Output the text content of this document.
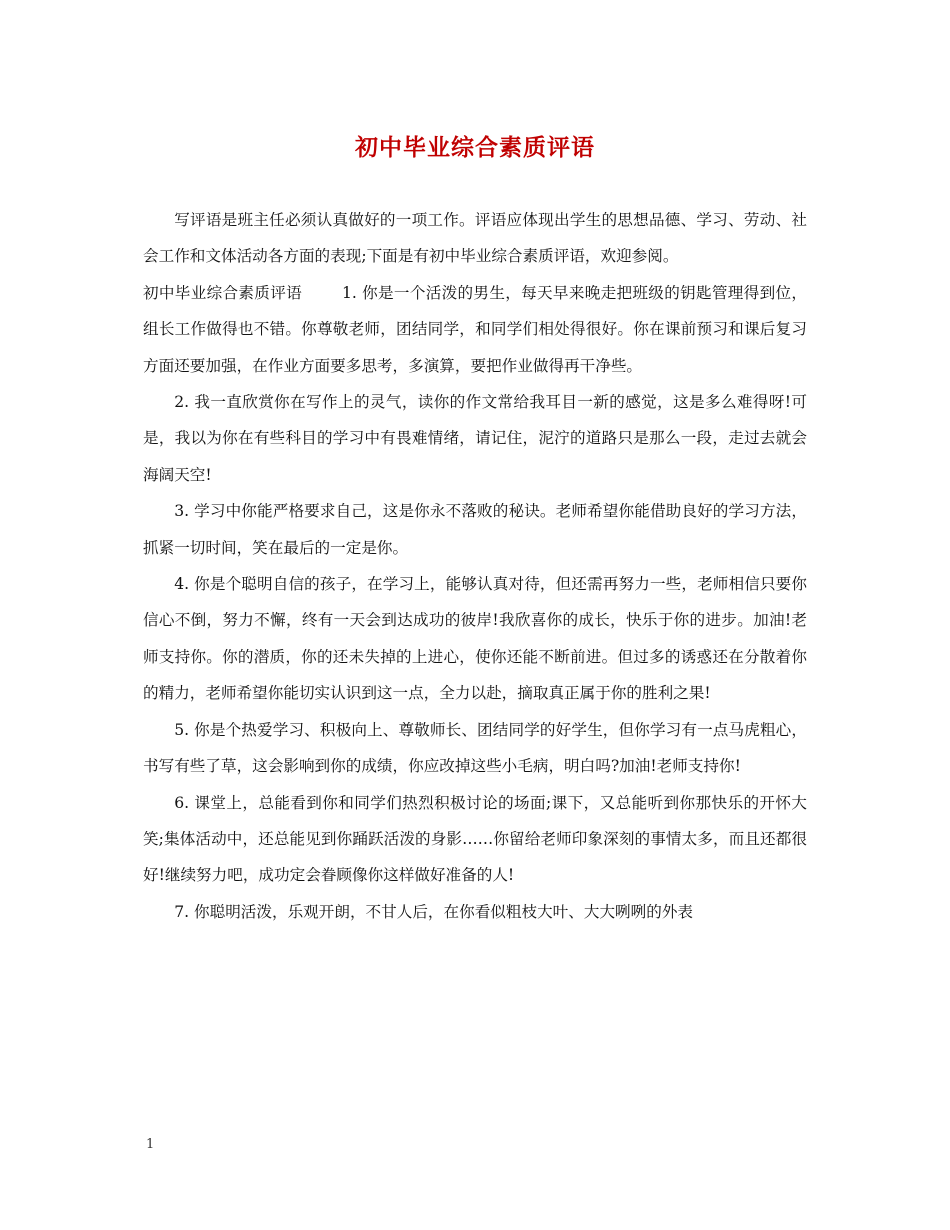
初中毕业综合素质评语

写评语是班主任必须认真做好的一项工作。评语应体现出学生的思想品德、学习、劳动、社会工作和文体活动各方面的表现;下面是有初中毕业综合素质评语，欢迎参阅。

初中毕业综合素质评语	1. 你是一个活泼的男生，每天早来晚走把班级的钥匙管理得到位，组长工作做得也不错。你尊敬老师，团结同学，和同学们相处得很好。你在课前预习和课后复习方面还要加强，在作业方面要多思考，多演算，要把作业做得再干净些。

2. 我一直欣赏你在写作上的灵气，读你的作文常给我耳目一新的感觉，这是多么难得呀!可是，我以为你在有些科目的学习中有畏难情绪，请记住，泥泞的道路只是那么一段，走过去就会海阔天空!

3. 学习中你能严格要求自己，这是你永不落败的秘诀。老师希望你能借助良好的学习方法，抓紧一切时间，笑在最后的一定是你。

4. 你是个聪明自信的孩子，在学习上，能够认真对待，但还需再努力一些，老师相信只要你信心不倒，努力不懈，终有一天会到达成功的彼岸!我欣喜你的成长，快乐于你的进步。加油!老师支持你。你的潜质，你的还未失掉的上进心，使你还能不断前进。但过多的诱惑还在分散着你的精力，老师希望你能切实认识到这一点，全力以赴，摘取真正属于你的胜利之果!

5. 你是个热爱学习、积极向上、尊敬师长、团结同学的好学生，但你学习有一点马虎粗心，书写有些了草，这会影响到你的成绩，你应改掉这些小毛病，明白吗?加油!老师支持你!

6. 课堂上，总能看到你和同学们热烈积极讨论的场面;课下，又总能听到你那快乐的开怀大笑;集体活动中，还总能见到你踊跃活泼的身影……你留给老师印象深刻的事情太多，而且还都很好!继续努力吧，成功定会眷顾像你这样做好准备的人!

7. 你聪明活泼，乐观开朗，不甘人后，在你看似粗枝大叶、大大咧咧的外表

1
